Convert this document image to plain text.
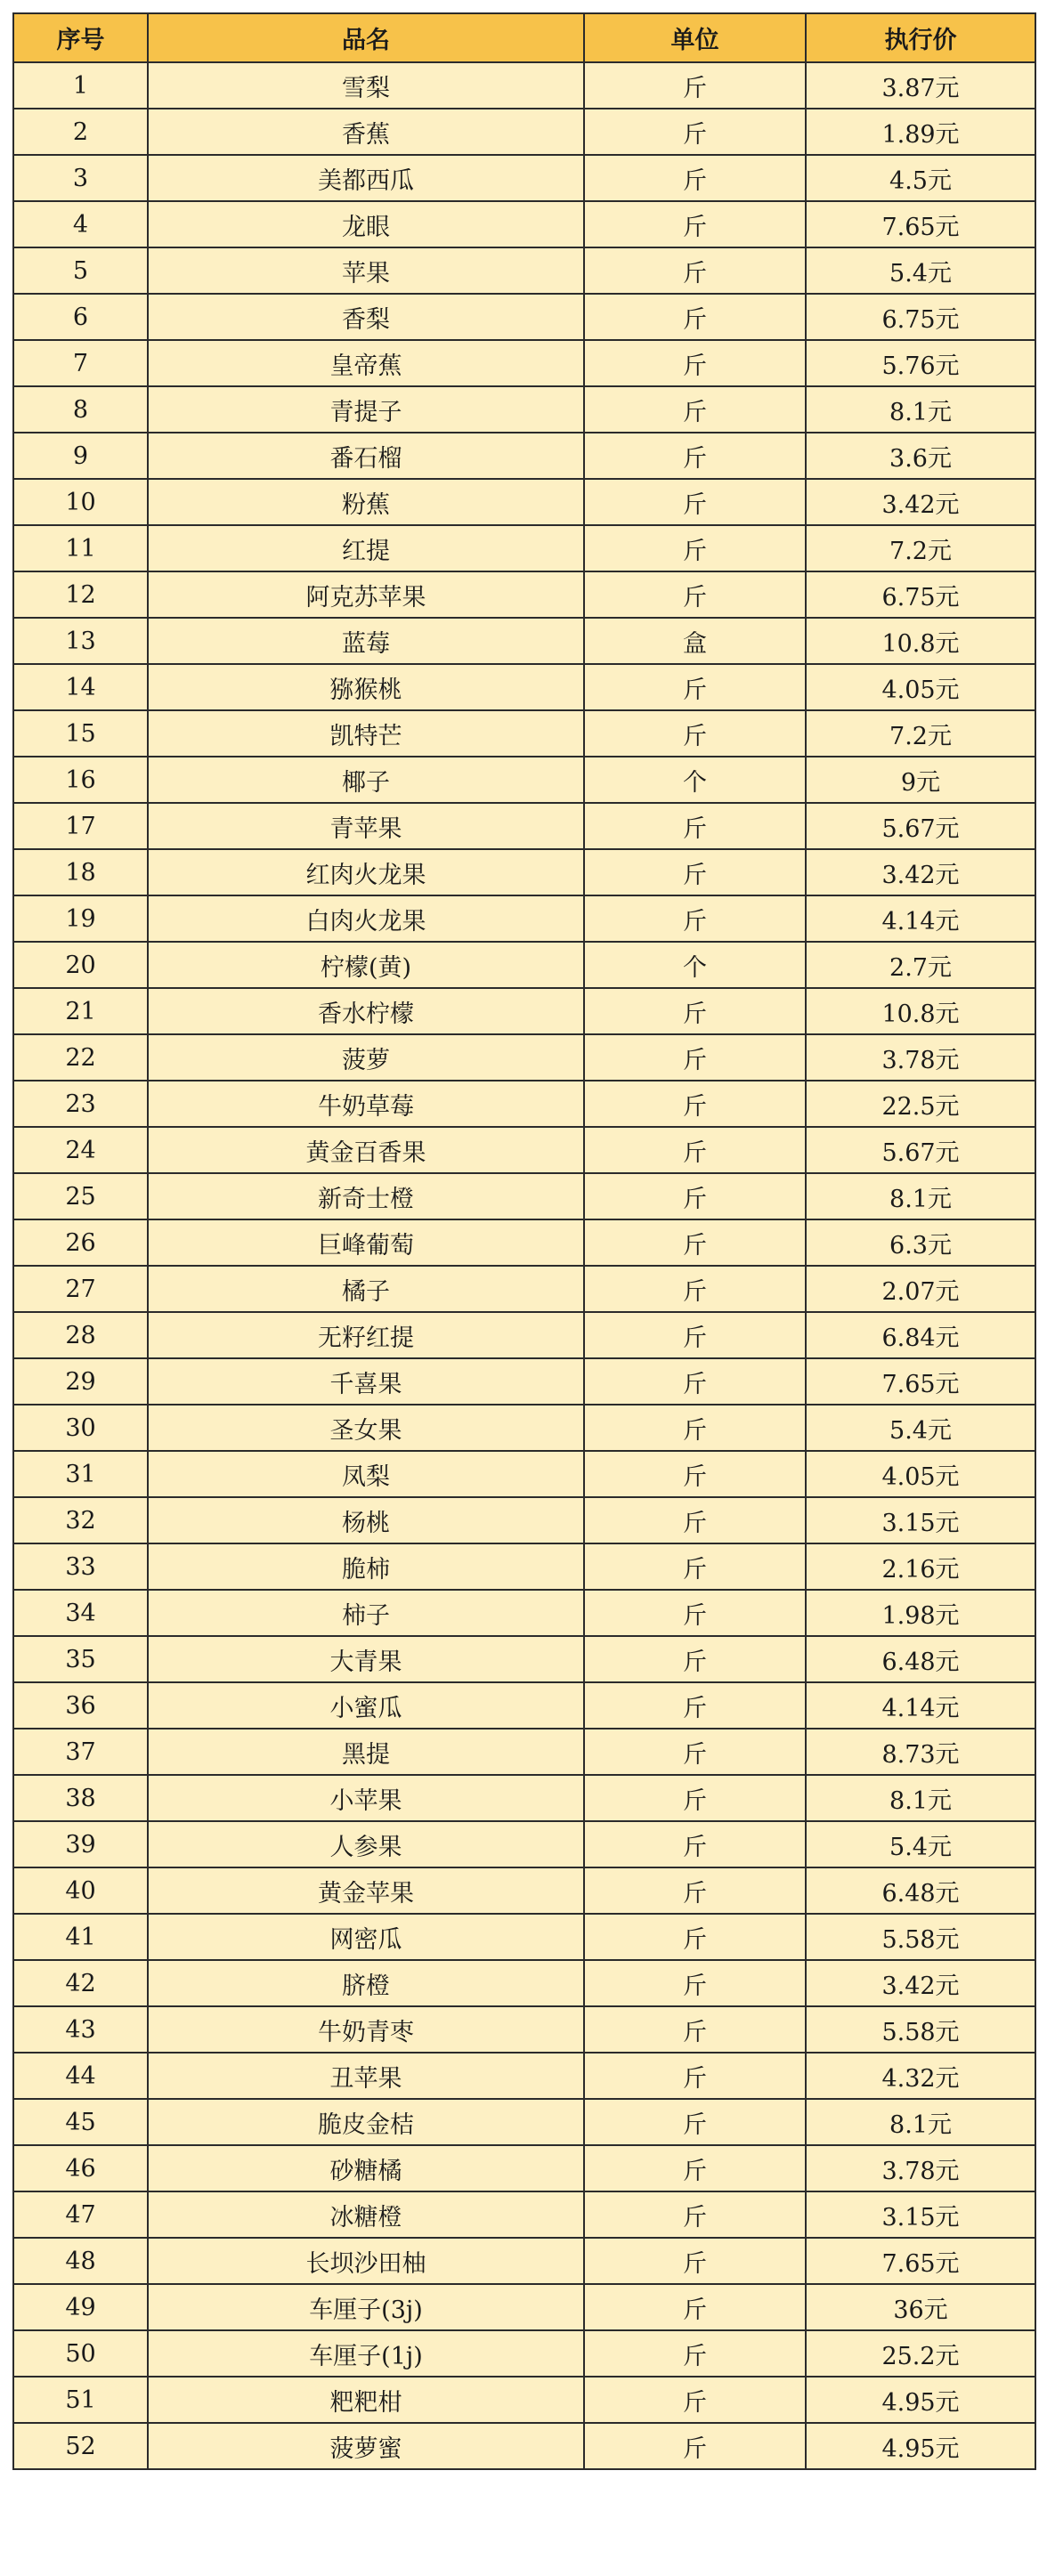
序号	品名	单位	执行价
1	雪梨	斤	3.87元
2	香蕉	斤	1.89元
3	美都西瓜	斤	4.5元
4	龙眼	斤	7.65元
5	苹果	斤	5.4元
6	香梨	斤	6.75元
7	皇帝蕉	斤	5.76元
8	青提子	斤	8.1元
9	番石榴	斤	3.6元
10	粉蕉	斤	3.42元
11	红提	斤	7.2元
12	阿克苏苹果	斤	6.75元
13	蓝莓	盒	10.8元
14	猕猴桃	斤	4.05元
15	凯特芒	斤	7.2元
16	椰子	个	9元
17	青苹果	斤	5.67元
18	红肉火龙果	斤	3.42元
19	白肉火龙果	斤	4.14元
20	柠檬(黄)	个	2.7元
21	香水柠檬	斤	10.8元
22	菠萝	斤	3.78元
23	牛奶草莓	斤	22.5元
24	黄金百香果	斤	5.67元
25	新奇士橙	斤	8.1元
26	巨峰葡萄	斤	6.3元
27	橘子	斤	2.07元
28	无籽红提	斤	6.84元
29	千喜果	斤	7.65元
30	圣女果	斤	5.4元
31	凤梨	斤	4.05元
32	杨桃	斤	3.15元
33	脆柿	斤	2.16元
34	柿子	斤	1.98元
35	大青果	斤	6.48元
36	小蜜瓜	斤	4.14元
37	黑提	斤	8.73元
38	小苹果	斤	8.1元
39	人参果	斤	5.4元
40	黄金苹果	斤	6.48元
41	网密瓜	斤	5.58元
42	脐橙	斤	3.42元
43	牛奶青枣	斤	5.58元
44	丑苹果	斤	4.32元
45	脆皮金桔	斤	8.1元
46	砂糖橘	斤	3.78元
47	冰糖橙	斤	3.15元
48	长坝沙田柚	斤	7.65元
49	车厘子(3j)	斤	36元
50	车厘子(1j)	斤	25.2元
51	粑粑柑	斤	4.95元
52	菠萝蜜	斤	4.95元
